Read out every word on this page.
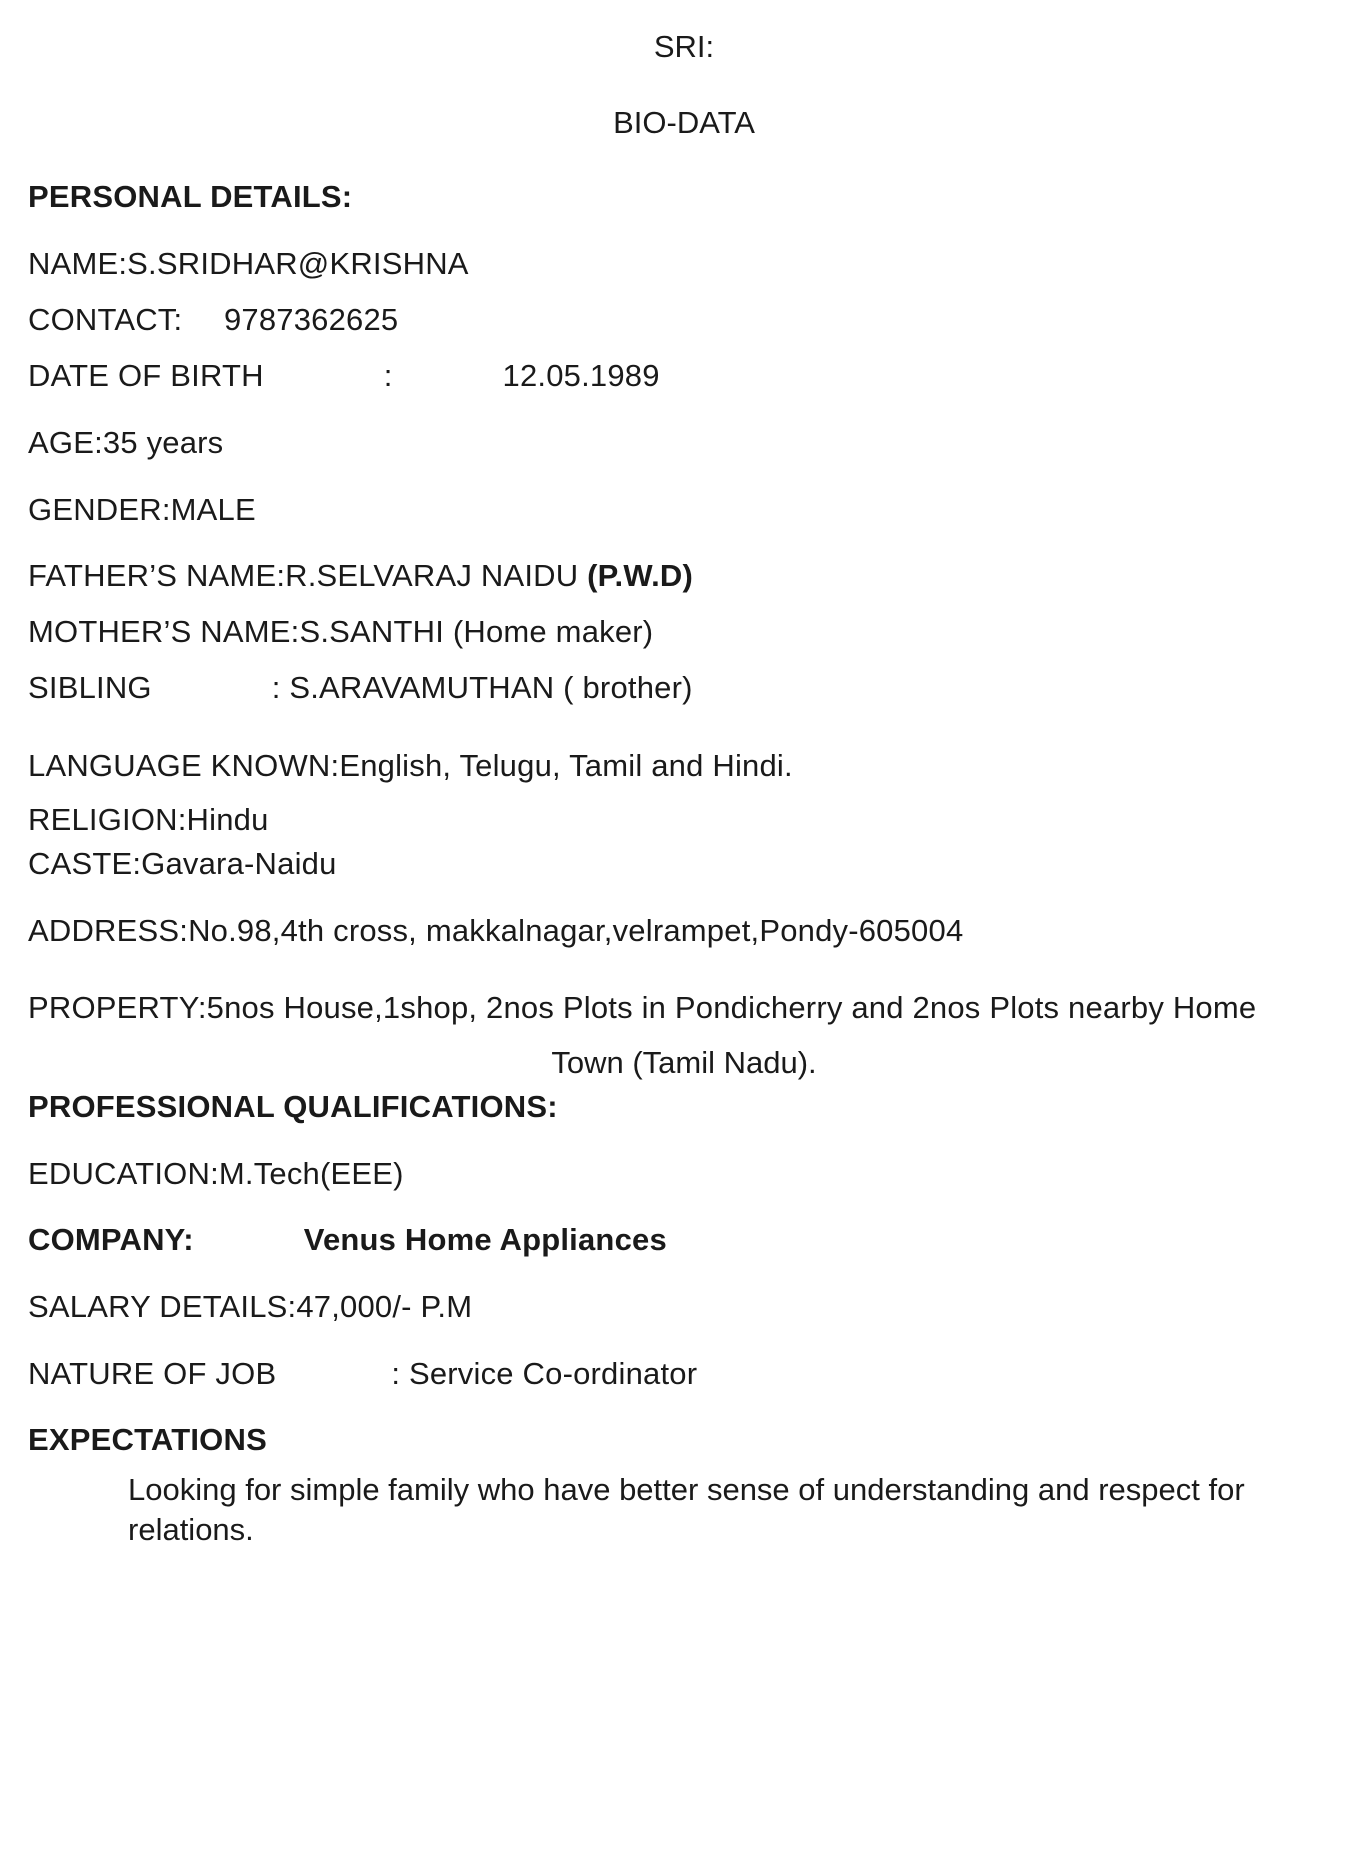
SRI:
BIO-DATA
PERSONAL DETAILS:
NAME:S.SRIDHAR@KRISHNA
CONTACT: 9787362625
DATE OF BIRTH	:	12.05.1989
AGE:35 years
GENDER:MALE
FATHER’S NAME:R.SELVARAJ NAIDU (P.W.D)
MOTHER’S NAME:S.SANTHI (Home maker)
SIBLING	: S.ARAVAMUTHAN ( brother)
LANGUAGE KNOWN:English, Telugu, Tamil and Hindi.
RELIGION:Hindu
CASTE:Gavara-Naidu
ADDRESS:No.98,4th cross, makkalnagar,velrampet,Pondy-605004
PROPERTY:5nos House,1shop, 2nos Plots in Pondicherry and 2nos Plots nearby Home
Town (Tamil Nadu).
PROFESSIONAL QUALIFICATIONS:
EDUCATION:M.Tech(EEE)
COMPANY:	Venus Home Appliances
SALARY DETAILS:47,000/- P.M
NATURE OF JOB	: Service Co-ordinator
EXPECTATIONS
Looking for simple family who have better sense of understanding and respect for relations.
